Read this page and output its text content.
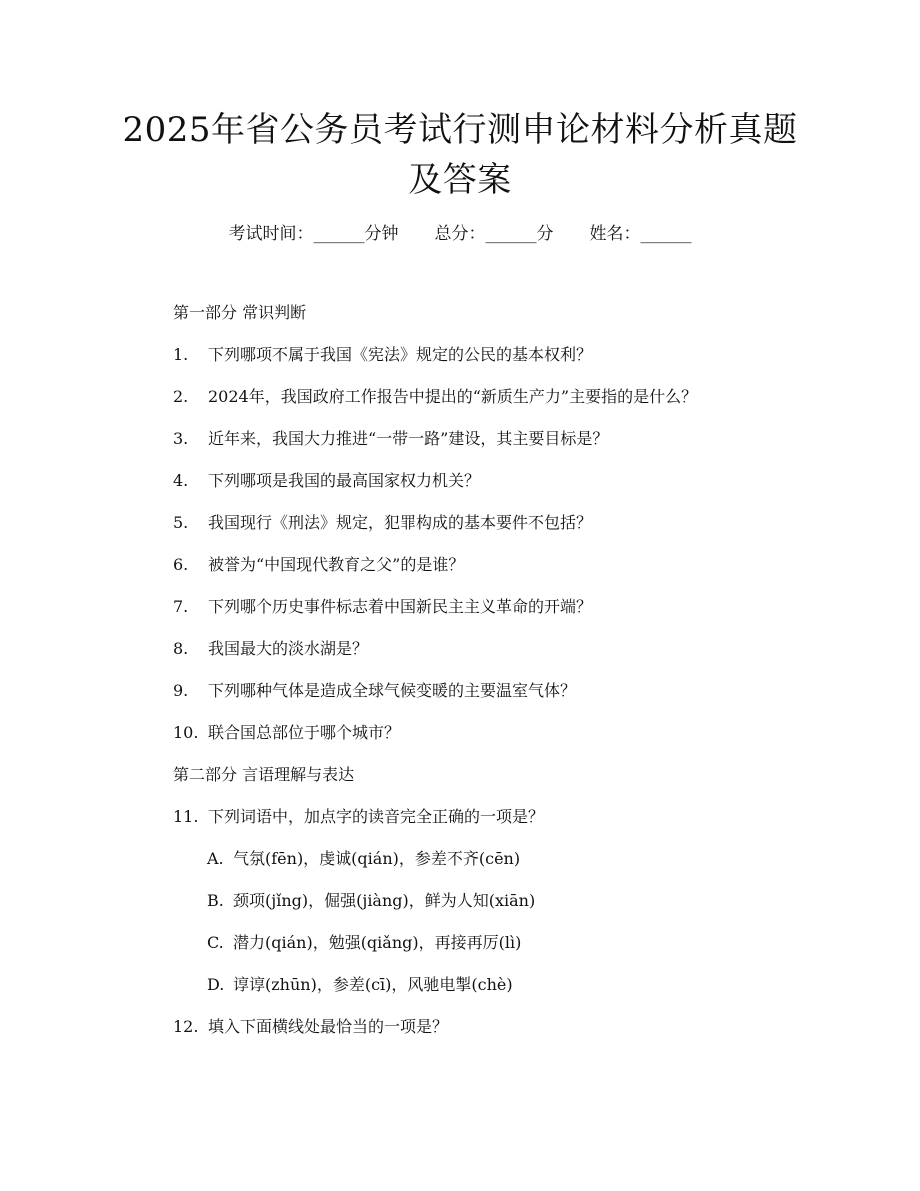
2025年省公务员考试行测申论材料分析真题
及答案
考试时间：______分钟 总分：______分 姓名：______
第一部分 常识判断
1. 下列哪项不属于我国《宪法》规定的公民的基本权利？
2. 2024年，我国政府工作报告中提出的“新质生产力”主要指的是什么？
3. 近年来，我国大力推进“一带一路”建设，其主要目标是？
4. 下列哪项是我国的最高国家权力机关？
5. 我国现行《刑法》规定，犯罪构成的基本要件不包括？
6. 被誉为“中国现代教育之父”的是谁？
7. 下列哪个历史事件标志着中国新民主主义革命的开端？
8. 我国最大的淡水湖是？
9. 下列哪种气体是造成全球气候变暖的主要温室气体？
10. 联合国总部位于哪个城市？
第二部分 言语理解与表达
11. 下列词语中，加点字的读音完全正确的一项是？
A. 气氛(fēn)，虔诚(qián)，参差不齐(cēn)
B. 颈项(jǐng)，倔强(jiàng)，鲜为人知(xiān)
C. 潜力(qián)，勉强(qiǎng)，再接再厉(lì)
D. 谆谆(zhūn)，参差(cī)，风驰电掣(chè)
12. 填入下面横线处最恰当的一项是？
